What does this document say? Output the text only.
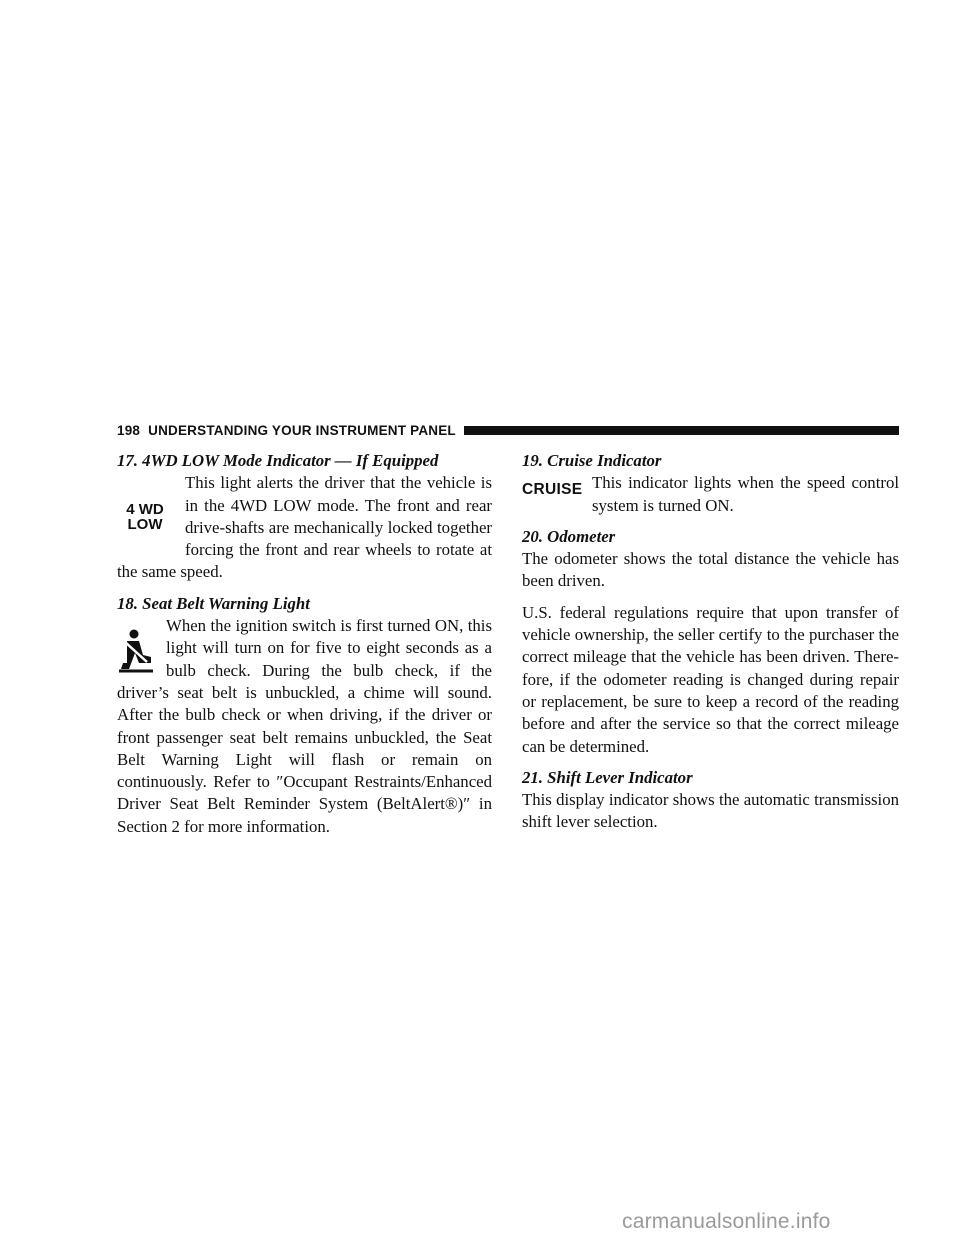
198 UNDERSTANDING YOUR INSTRUMENT PANEL
17. 4WD LOW Mode Indicator — If Equipped
4 WD
LOW

This light alerts the driver that the vehicle is in the 4WD LOW mode. The front and rear drive-shafts are mechanically locked together forcing the front and rear wheels to rotate at the same speed.

18. Seat Belt Warning Light

When the ignition switch is first turned ON, this light will turn on for five to eight seconds as a bulb check. During the bulb check, if the driver’s seat belt is unbuckled, a chime will sound. After the bulb check or when driving, if the driver or front passenger seat belt remains unbuckled, the Seat Belt Warning Light will flash or remain on continuously. Refer to ″Occupant Restraints/Enhanced Driver Seat Belt Reminder System (BeltAlert®)″ in Section 2 for more information.

19. Cruise Indicator
CRUISE This indicator lights when the speed control system is turned ON.

20. Odometer

The odometer shows the total distance the vehicle has been driven.

U.S. federal regulations require that upon transfer of vehicle ownership, the seller certify to the purchaser the correct mileage that the vehicle has been driven. There-fore, if the odometer reading is changed during repair or replacement, be sure to keep a record of the reading before and after the service so that the correct mileage can be determined.

21. Shift Lever Indicator

This display indicator shows the automatic transmission shift lever selection.

carmanualsonline.info
